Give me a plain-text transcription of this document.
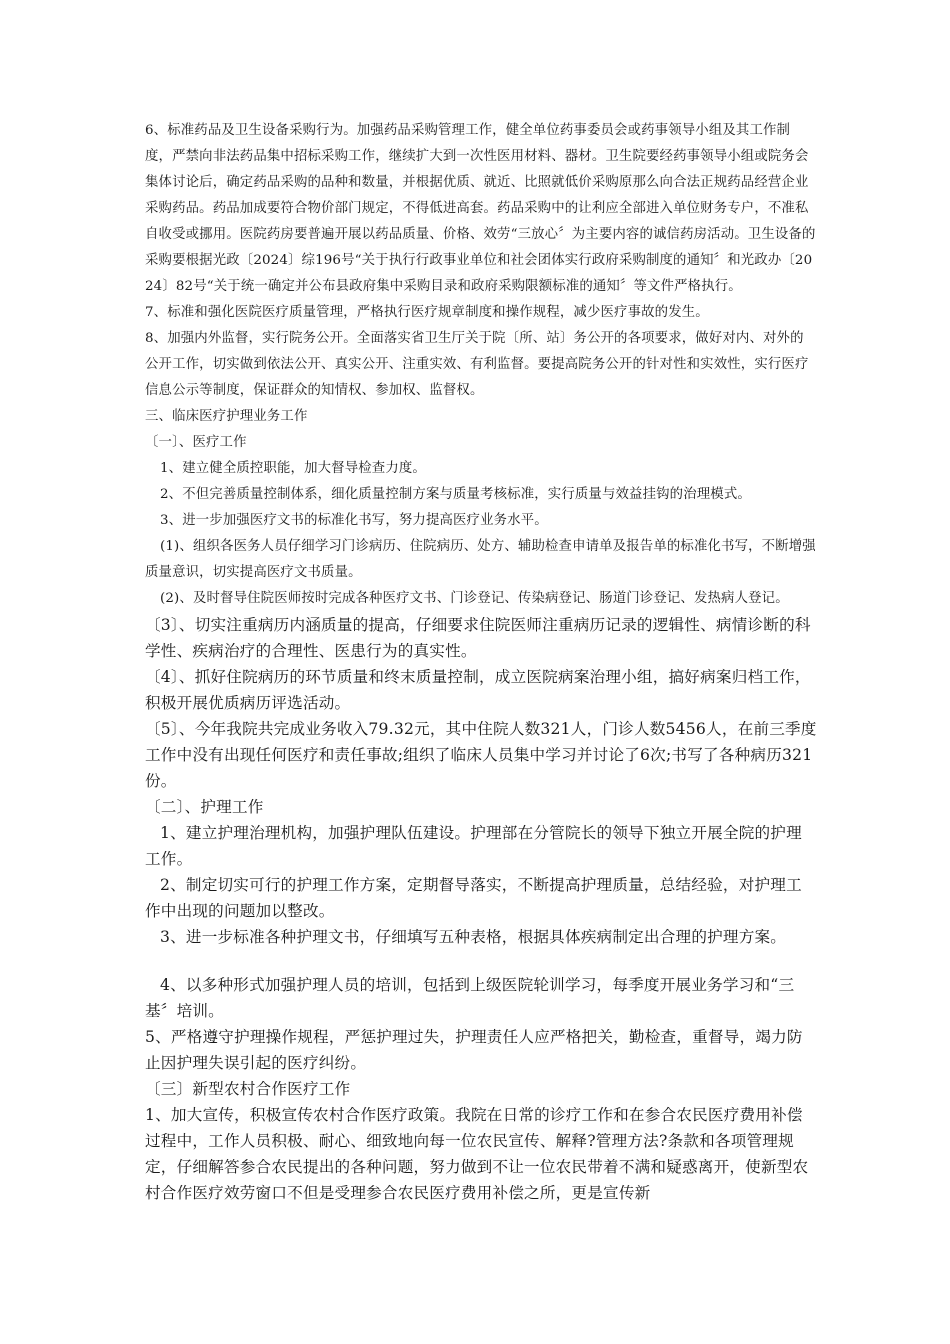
6、标准药品及卫生设备采购行为。加强药品采购管理工作，健全单位药事委员会或药事领导小组及其工作制度，严禁向非法药品集中招标采购工作，继续扩大到一次性医用材料、器材。卫生院要经药事领导小组或院务会集体讨论后，确定药品采购的品种和数量，并根据优质、就近、比照就低价采购原那么向合法正规药品经营企业采购药品。药品加成要符合物价部门规定，不得低进高套。药品采购中的让利应全部进入单位财务专户，不准私自收受或挪用。医院药房要普遍开展以药品质量、价格、效劳“三放心〞为主要内容的诚信药房活动。卫生设备的采购要根据光政〔2024〕综196号“关于执行行政事业单位和社会团体实行政府采购制度的通知〞和光政办〔2024〕82号“关于统一确定并公布县政府集中采购目录和政府采购限额标准的通知〞等文件严格执行。

7、标准和强化医院医疗质量管理，严格执行医疗规章制度和操作规程，减少医疗事故的发生。

8、加强内外监督，实行院务公开。全面落实省卫生厅关于院〔所、站〕务公开的各项要求，做好对内、对外的公开工作，切实做到依法公开、真实公开、注重实效、有利监督。要提高院务公开的针对性和实效性，实行医疗信息公示等制度，保证群众的知情权、参加权、监督权。

三、临床医疗护理业务工作

〔一〕、医疗工作

1、建立健全质控职能，加大督导检查力度。

2、不但完善质量控制体系，细化质量控制方案与质量考核标准，实行质量与效益挂钩的治理模式。

3、进一步加强医疗文书的标准化书写，努力提高医疗业务水平。

(1)、组织各医务人员仔细学习门诊病历、住院病历、处方、辅助检查申请单及报告单的标准化书写，不断增强质量意识，切实提高医疗文书质量。

(2)、及时督导住院医师按时完成各种医疗文书、门诊登记、传染病登记、肠道门诊登记、发热病人登记。

〔3〕、切实注重病历内涵质量的提高，仔细要求住院医师注重病历记录的逻辑性、病情诊断的科学性、疾病治疗的合理性、医患行为的真实性。

〔4〕、抓好住院病历的环节质量和终末质量控制，成立医院病案治理小组，搞好病案归档工作，积极开展优质病历评选活动。

〔5〕、今年我院共完成业务收入79.32元，其中住院人数321人，门诊人数5456人，在前三季度工作中没有出现任何医疗和责任事故;组织了临床人员集中学习并讨论了6次;书写了各种病历321份。

〔二〕、护理工作

1、建立护理治理机构，加强护理队伍建设。护理部在分管院长的领导下独立开展全院的护理工作。

2、制定切实可行的护理工作方案，定期督导落实，不断提高护理质量，总结经验，对护理工作中出现的问题加以整改。

3、进一步标准各种护理文书，仔细填写五种表格，根据具体疾病制定出合理的护理方案。

4、以多种形式加强护理人员的培训，包括到上级医院轮训学习，每季度开展业务学习和“三基〞培训。

5、严格遵守护理操作规程，严惩护理过失，护理责任人应严格把关，勤检查，重督导，竭力防止因护理失误引起的医疗纠纷。

〔三〕新型农村合作医疗工作

1、加大宣传，积极宣传农村合作医疗政策。我院在日常的诊疗工作和在参合农民医疗费用补偿过程中，工作人员积极、耐心、细致地向每一位农民宣传、解释?管理方法?条款和各项管理规定，仔细解答参合农民提出的各种问题，努力做到不让一位农民带着不满和疑惑离开，使新型农村合作医疗效劳窗口不但是受理参合农民医疗费用补偿之所，更是宣传新
